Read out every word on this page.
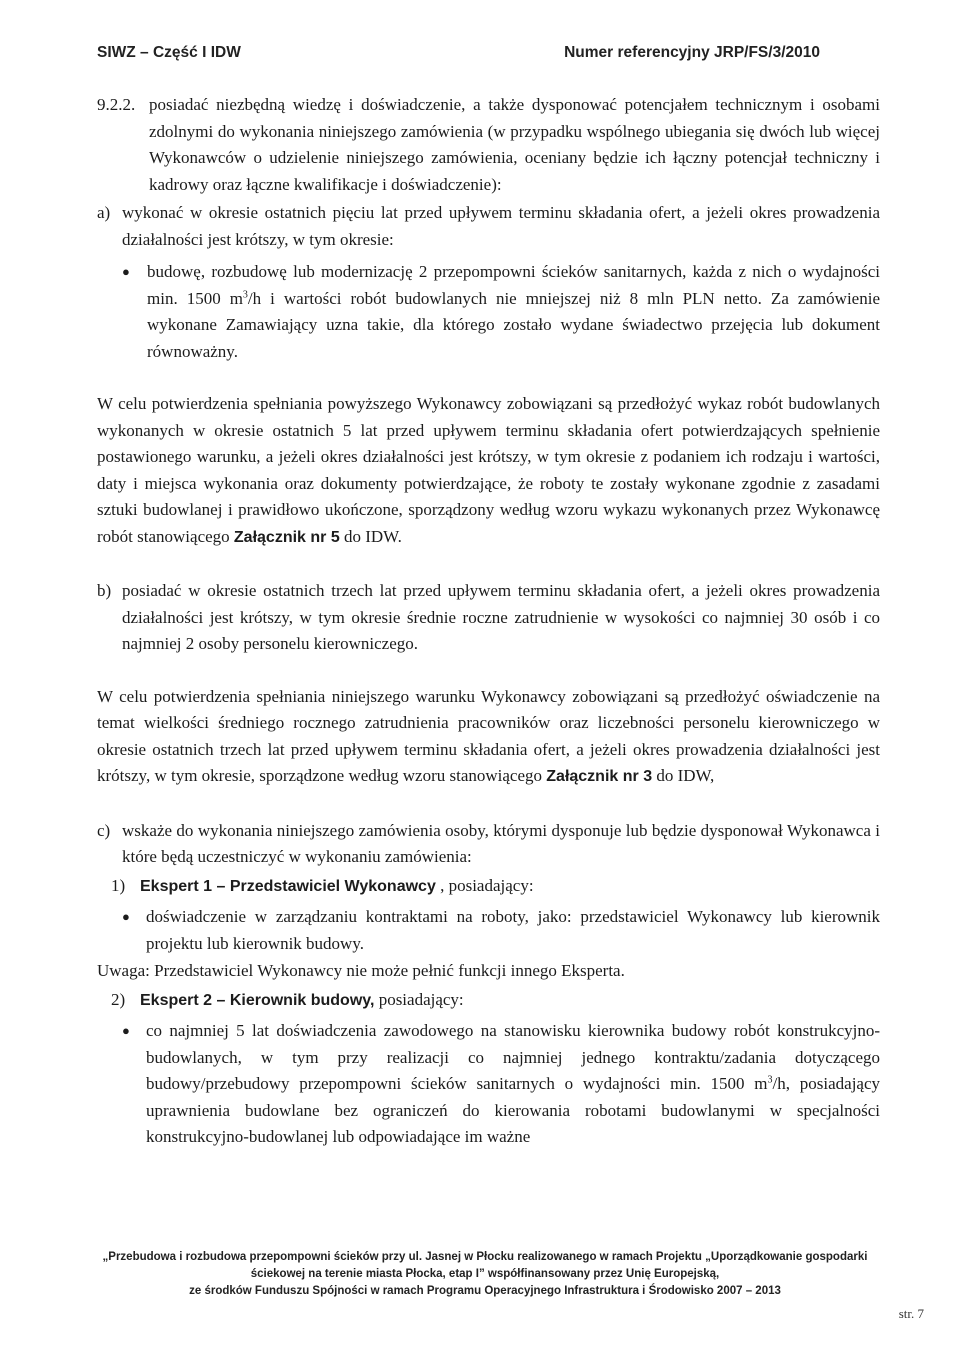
SIWZ – Część I IDW	Numer referencyjny JRP/FS/3/2010
9.2.2. posiadać niezbędną wiedzę i doświadczenie, a także dysponować potencjałem technicznym i osobami zdolnymi do wykonania niniejszego zamówienia (w przypadku wspólnego ubiegania się dwóch lub więcej Wykonawców o udzielenie niniejszego zamówienia, oceniany będzie ich łączny potencjał techniczny i kadrowy oraz łączne kwalifikacje i doświadczenie):

a) wykonać w okresie ostatnich pięciu lat przed upływem terminu składania ofert, a jeżeli okres prowadzenia działalności jest krótszy, w tym okresie:

●	budowę, rozbudowę lub modernizację 2 przepompowni ścieków sanitarnych, każda z nich o wydajności min. 1500 $m^3/h$ i wartości robót budowlanych nie mniejszej niż 8 mln PLN netto. Za zamówienie wykonane Zamawiający uzna takie, dla którego zostało wydane świadectwo przejęcia lub dokument równoważny.

W celu potwierdzenia spełniania powyższego Wykonawcy zobowiązani są przedłożyć wykaz robót budowlanych wykonanych w okresie ostatnich 5 lat przed upływem terminu składania ofert potwierdzających spełnienie postawionego warunku, a jeżeli okres działalności jest krótszy, w tym okresie z podaniem ich rodzaju i wartości, daty i miejsca wykonania oraz dokumenty potwierdzające, że roboty te zostały wykonane zgodnie z zasadami sztuki budowlanej i prawidłowo ukończone, sporządzony według wzoru wykazu wykonanych przez Wykonawcę robót stanowiącego Załącznik nr 5 do IDW.

b) posiadać w okresie ostatnich trzech lat przed upływem terminu składania ofert, a jeżeli okres prowadzenia działalności jest krótszy, w tym okresie średnie roczne zatrudnienie w wysokości co najmniej 30 osób i co najmniej 2 osoby personelu kierowniczego.

W celu potwierdzenia spełniania niniejszego warunku Wykonawcy zobowiązani są przedłożyć oświadczenie na temat wielkości średniego rocznego zatrudnienia pracowników oraz liczebności personelu kierowniczego w okresie ostatnich trzech lat przed upływem terminu składania ofert, a jeżeli okres prowadzenia działalności jest krótszy, w tym okresie, sporządzone według wzoru stanowiącego Załącznik nr 3 do IDW,

c) wskaże do wykonania niniejszego zamówienia osoby, którymi dysponuje lub będzie dysponował Wykonawca i które będą uczestniczyć w wykonaniu zamówienia:

1) Ekspert 1 – Przedstawiciel Wykonawcy , posiadający:

● doświadczenie w zarządzaniu kontraktami na roboty, jako: przedstawiciel Wykonawcy lub kierownik projektu lub kierownik budowy.

Uwaga: Przedstawiciel Wykonawcy nie może pełnić funkcji innego Eksperta.

2) Ekspert 2 – Kierownik budowy, posiadający:

● co najmniej 5 lat doświadczenia zawodowego na stanowisku kierownika budowy robót konstrukcyjno-budowlanych, w tym przy realizacji co najmniej jednego kontraktu/zadania dotyczącego budowy/przebudowy przepompowni ścieków sanitarnych o wydajności min. 1500 $m^3/h$, posiadający uprawnienia budowlane bez ograniczeń do kierowania robotami budowlanymi w specjalności konstrukcyjno-budowlanej lub odpowiadające im ważne

„Przebudowa i rozbudowa przepompowni ścieków przy ul. Jasnej w Płocku realizowanego w ramach Projektu „Uporządkowanie gospodarki
ściekowej na terenie miasta Płocka, etap I” współfinansowany przez Unię Europejską,
ze środków Funduszu Spójności w ramach Programu Operacyjnego Infrastruktura i Środowisko 2007 – 2013
str. 7
